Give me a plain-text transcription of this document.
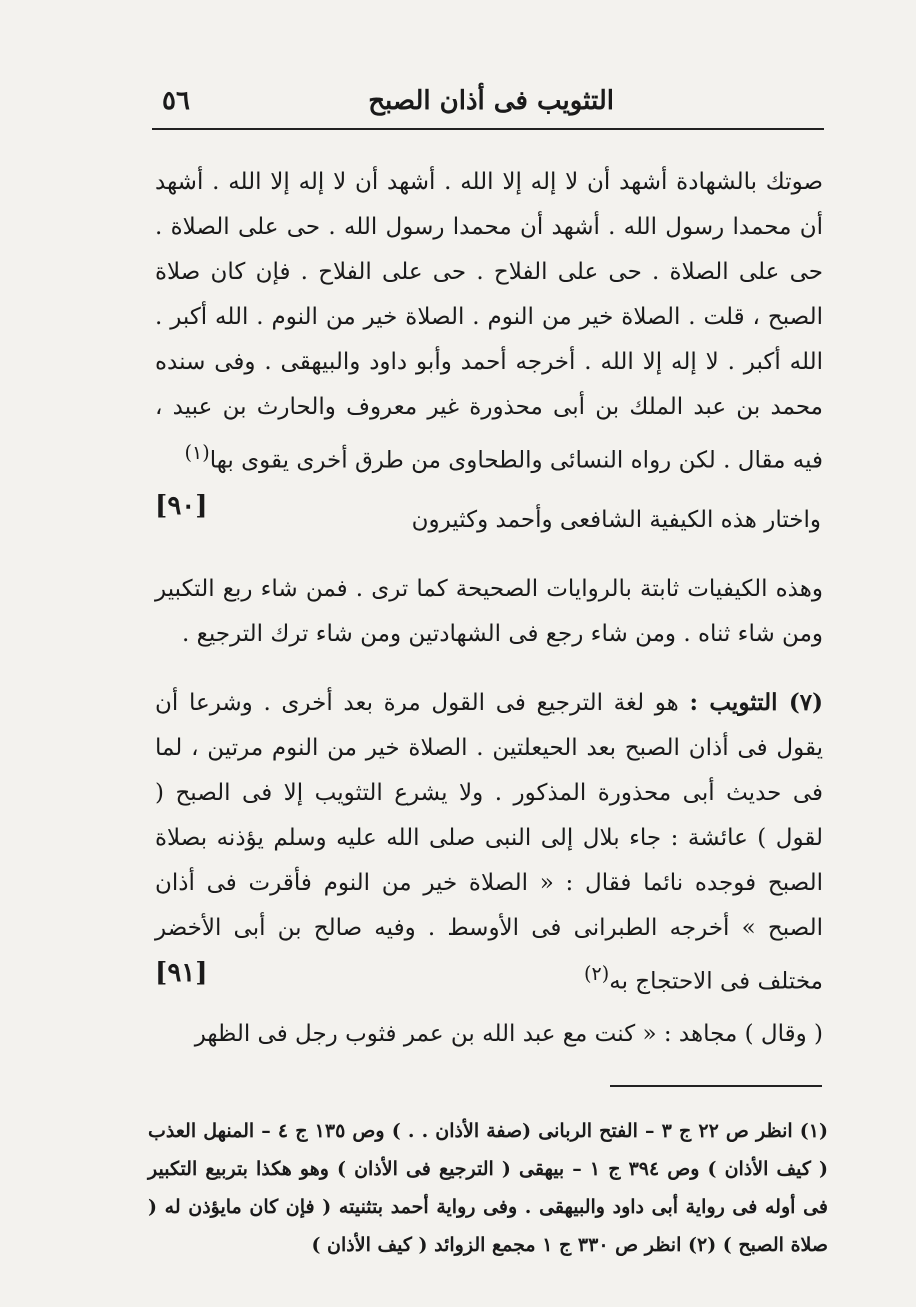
التثويب فى أذان الصبح
٥٦

صوتك بالشهادة أشهد أن لا إله إلا الله . أشهد أن لا إله إلا الله . أشهد أن محمدا رسول الله . أشهد أن محمدا رسول الله . حى على الصلاة . حى على الصلاة . حى على الفلاح . حى على الفلاح . فإن كان صلاة الصبح ، قلت . الصلاة خير من النوم . الصلاة خير من النوم . الله أكبر . الله أكبر . لا إله إلا الله . أخرجه أحمد وأبو داود والبيهقى . وفى سنده محمد بن عبد الملك بن أبى محذورة غير معروف والحارث بن عبيد ، فيه مقال . لكن رواه النسائى والطحاوى من طرق أخرى يقوى بها$^{(١)}$
[٩٠]	واختار هذه الكيفية الشافعى وأحمد وكثيرون

وهذه الكيفيات ثابتة بالروايات الصحيحة كما ترى . فمن شاء ربع التكبير ومن شاء ثناه . ومن شاء رجع فى الشهادتين ومن شاء ترك الترجيع .

(٧) التثويب : هو لغة الترجيع فى القول مرة بعد أخرى . وشرعا أن يقول فى أذان الصبح بعد الحيعلتين . الصلاة خير من النوم مرتين ، لما فى حديث أبى محذورة المذكور . ولا يشرع التثويب إلا فى الصبح ( لقول ) عائشة : جاء بلال إلى النبى صلى الله عليه وسلم يؤذنه بصلاة الصبح فوجده نائما فقال : « الصلاة خير من النوم فأقرت فى أذان الصبح » أخرجه الطبرانى فى الأوسط . وفيه صالح بن أبى الأخضر مختلف فى الاحتجاج به$^{(٢)}$
[٩١]

( وقال ) مجاهد : « كنت مع عبد الله بن عمر فثوب رجل فى الظهر

(١) انظر ص ٢٢ ج ٣ – الفتح الربانى (صفة الأذان . . ) وص ١٣٥ ج ٤ – المنهل العذب ( كيف الأذان ) وص ٣٩٤ ج ١ – بيهقى ( الترجيع فى الأذان ) وهو هكذا بتربيع التكبير فى أوله فى رواية أبى داود والبيهقى . وفى رواية أحمد بتثنيته ( فإن كان مايؤذن له ( صلاة الصبح ) (٢) انظر ص ٣٣٠ ج ١ مجمع الزوائد ( كيف الأذان )
